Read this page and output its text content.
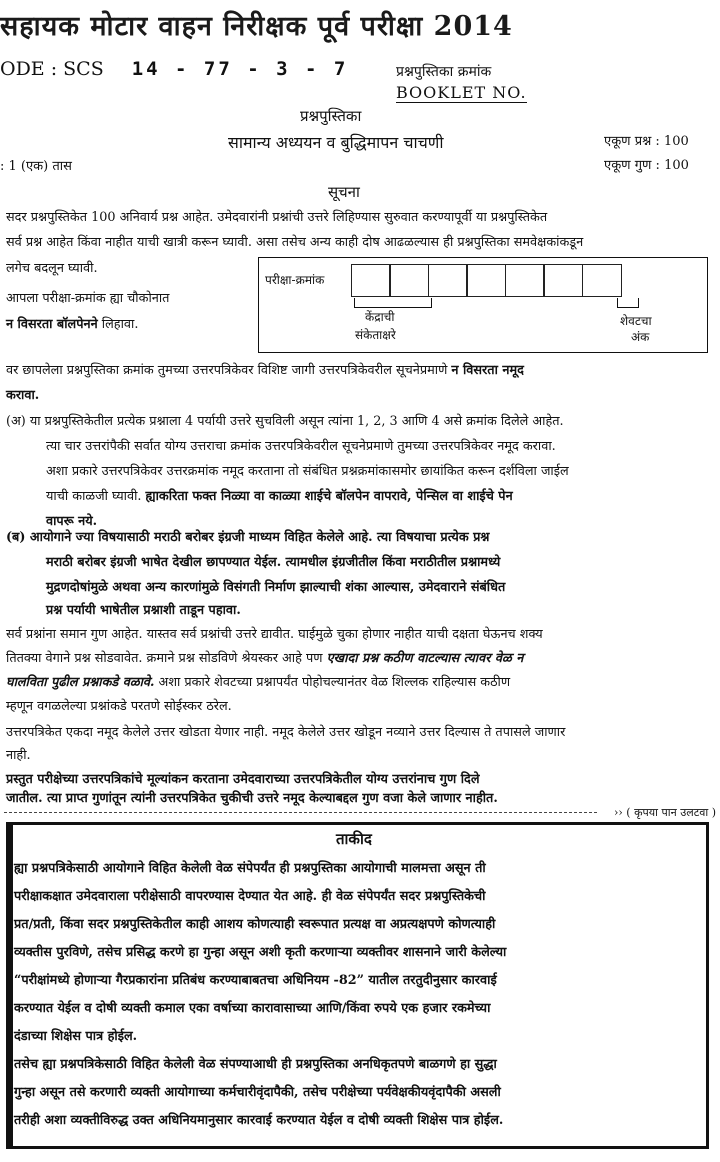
सहायक मोटार वाहन निरीक्षक पूर्व परीक्षा 2014
ODE : SCS 14 - 77 - 3 - 7	प्रश्नपुस्तिका क्रमांक
BOOKLET NO.
प्रश्नपुस्तिका
सामान्य अध्ययन व बुद्धिमापन चाचणी	एकूण प्रश्न : 100
एकूण गुण : 100
: 1 (एक) तास
सूचना
सदर प्रश्नपुस्तिकेत 100 अनिवार्य प्रश्न आहेत. उमेदवारांनी प्रश्नांची उत्तरे लिहिण्यास सुरुवात करण्यापूर्वी या प्रश्नपुस्तिकेत
सर्व प्रश्न आहेत किंवा नाहीत याची खात्री करून घ्यावी. असा तसेच अन्य काही दोष आढळल्यास ही प्रश्नपुस्तिका समवेक्षकांकडून
लगेच बदलून घ्यावी.
आपला परीक्षा-क्रमांक ह्या चौकोनात
न विसरता बॉलपेनने लिहावा.
परीक्षा-क्रमांक
केंद्राची
संकेताक्षरे
शेवटचा
अंक
वर छापलेला प्रश्नपुस्तिका क्रमांक तुमच्या उत्तरपत्रिकेवर विशिष्ट जागी उत्तरपत्रिकेवरील सूचनेप्रमाणे न विसरता नमूद
करावा.
(अ) या प्रश्नपुस्तिकेतील प्रत्येक प्रश्नाला 4 पर्यायी उत्तरे सुचविली असून त्यांना 1, 2, 3 आणि 4 असे क्रमांक दिलेले आहेत.
त्या चार उत्तरांपैकी सर्वात योग्य उत्तराचा क्रमांक उत्तरपत्रिकेवरील सूचनेप्रमाणे तुमच्या उत्तरपत्रिकेवर नमूद करावा.
अशा प्रकारे उत्तरपत्रिकेवर उत्तरक्रमांक नमूद करताना तो संबंधित प्रश्नक्रमांकासमोर छायांकित करून दर्शविला जाईल
याची काळजी घ्यावी. ह्याकरिता फक्त निळ्या वा काळ्या शाईचे बॉलपेन वापरावे, पेन्सिल वा शाईचे पेन
वापरू नये.
(ब) आयोगाने ज्या विषयासाठी मराठी बरोबर इंग्रजी माध्यम विहित केलेले आहे. त्या विषयाचा प्रत्येक प्रश्न
मराठी बरोबर इंग्रजी भाषेत देखील छापण्यात येईल. त्यामधील इंग्रजीतील किंवा मराठीतील प्रश्नामध्ये
मुद्रणदोषांमुळे अथवा अन्य कारणांमुळे विसंगती निर्माण झाल्याची शंका आल्यास, उमेदवाराने संबंधित
प्रश्न पर्यायी भाषेतील प्रश्नाशी ताडून पहावा.
सर्व प्रश्नांना समान गुण आहेत. यास्तव सर्व प्रश्नांची उत्तरे द्यावीत. घाईमुळे चुका होणार नाहीत याची दक्षता घेऊनच शक्य
तितक्या वेगाने प्रश्न सोडवावेत. क्रमाने प्रश्न सोडविणे श्रेयस्कर आहे पण एखादा प्रश्न कठीण वाटल्यास त्यावर वेळ न
घालविता पुढील प्रश्नाकडे वळावे. अशा प्रकारे शेवटच्या प्रश्नापर्यंत पोहोचल्यानंतर वेळ शिल्लक राहिल्यास कठीण
म्हणून वगळलेल्या प्रश्नांकडे परतणे सोईस्कर ठरेल.
उत्तरपत्रिकेत एकदा नमूद केलेले उत्तर खोडता येणार नाही. नमूद केलेले उत्तर खोडून नव्याने उत्तर दिल्यास ते तपासले जाणार
नाही.
प्रस्तुत परीक्षेच्या उत्तरपत्रिकांचे मूल्यांकन करताना उमेदवाराच्या उत्तरपत्रिकेतील योग्य उत्तरांनाच गुण दिले
जातील. त्या प्राप्त गुणांतून त्यांनी उत्तरपत्रिकेत चुकीची उत्तरे नमूद केल्याबद्दल गुण वजा केले जाणार नाहीत.
›› ( कृपया पान उलटवा )
ताकीद
ह्या प्रश्नपत्रिकेसाठी आयोगाने विहित केलेली वेळ संपेपर्यंत ही प्रश्नपुस्तिका आयोगाची मालमत्ता असून ती
परीक्षाकक्षात उमेदवाराला परीक्षेसाठी वापरण्यास देण्यात येत आहे. ही वेळ संपेपर्यंत सदर प्रश्नपुस्तिकेची
प्रत/प्रती, किंवा सदर प्रश्नपुस्तिकेतील काही आशय कोणत्याही स्वरूपात प्रत्यक्ष वा अप्रत्यक्षपणे कोणत्याही
व्यक्तीस पुरविणे, तसेच प्रसिद्ध करणे हा गुन्हा असून अशी कृती करणाऱ्या व्यक्तीवर शासनाने जारी केलेल्या
“परीक्षांमध्ये होणाऱ्या गैरप्रकारांना प्रतिबंध करण्याबाबतचा अधिनियम -82” यातील तरतुदीनुसार कारवाई
करण्यात येईल व दोषी व्यक्ती कमाल एका वर्षाच्या कारावासाच्या आणि/किंवा रुपये एक हजार रकमेच्या
दंडाच्या शिक्षेस पात्र होईल.
तसेच ह्या प्रश्नपत्रिकेसाठी विहित केलेली वेळ संपण्याआधी ही प्रश्नपुस्तिका अनधिकृतपणे बाळगणे हा सुद्धा
गुन्हा असून तसे करणारी व्यक्ती आयोगाच्या कर्मचारीवृंदापैकी, तसेच परीक्षेच्या पर्यवेक्षकीयवृंदापैकी असली
तरीही अशा व्यक्तीविरुद्ध उक्त अधिनियमानुसार कारवाई करण्यात येईल व दोषी व्यक्ती शिक्षेस पात्र होईल.
